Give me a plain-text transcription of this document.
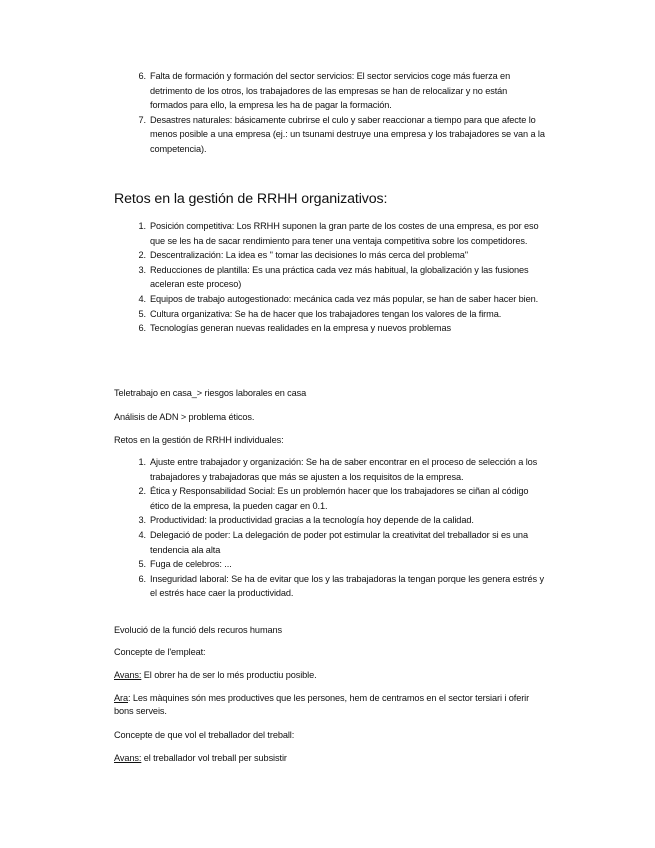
6. Falta de formación y formación del sector servicios: El sector servicios coge más fuerza en detrimento de los otros, los trabajadores de las empresas se han de relocalizar y no están formados para ello, la empresa les ha de pagar la formación.
7. Desastres naturales: básicamente cubrirse el culo y saber reaccionar a tiempo para que afecte lo menos posible a una empresa (ej.: un tsunami destruye una empresa y los trabajadores se van a la competencia).
Retos en la gestión de RRHH organizativos:
1. Posición competitiva: Los RRHH suponen la gran parte de los costes de una empresa, es por eso que se les ha de sacar rendimiento para tener una ventaja competitiva sobre los competidores.
2. Descentralización: La idea es '' tomar las decisiones lo más cerca del problema''
3. Reducciones de plantilla: Es una práctica cada vez más habitual, la globalización y las fusiones aceleran este proceso)
4. Equipos de trabajo autogestionado: mecánica cada vez más popular, se han de saber hacer bien.
5. Cultura organizativa: Se ha de hacer que los trabajadores tengan los valores de la firma.
6. Tecnologías generan nuevas realidades en la empresa y nuevos problemas
Teletrabajo en casa_> riesgos laborales en casa
Análisis de ADN > problema éticos.
Retos en la gestión de RRHH individuales:
1. Ajuste entre trabajador y organización: Se ha de saber encontrar en el proceso de selección a los trabajadores y trabajadoras que más se ajusten a los requisitos de la empresa.
2. Ética y Responsabilidad Social: Es un problemón hacer que los trabajadores se ciñan al código ético de la empresa, la pueden cagar en 0.1.
3. Productividad: la productividad gracias a la tecnología hoy depende de la calidad.
4. Delegació de poder: La delegación de poder pot estimular la creativitat del treballador si es una tendencia ala alta
5. Fuga de celebros: ...
6. Inseguridad laboral: Se ha de evitar que los y las trabajadoras la tengan porque les genera estrés y el estrés hace caer la productividad.
Evolució de la funció dels recuros humans
Concepte de l'empleat:
Avans: El obrer ha de ser lo més productiu posible.
Ara: Les màquines són mes productives que les persones, hem de centramos en el sector tersiari i oferir bons serveis.
Concepte de que vol el treballador del treball:
Avans: el treballador vol treball per subsistir
